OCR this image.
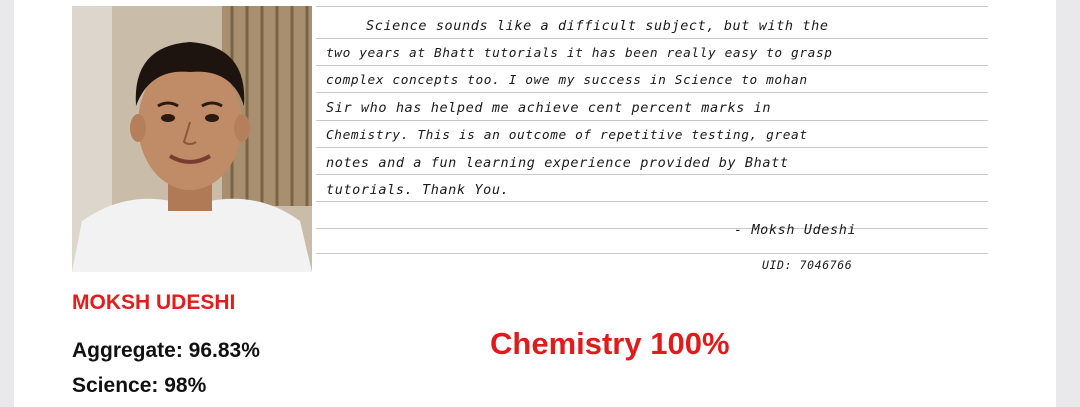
Science sounds like a difficult subject, but with the
two years at Bhatt tutorials it has been really easy to grasp
complex concepts too. I owe my success in Science to mohan
Sir who has helped me achieve cent percent marks in
Chemistry. This is an outcome of repetitive testing, great
notes and a fun learning experience provided by Bhatt
tutorials. Thank You.
- Moksh Udeshi
UID: 7046766
MOKSH UDESHI
Aggregate: 96.83%
Science: 98%
Chemistry 100%
